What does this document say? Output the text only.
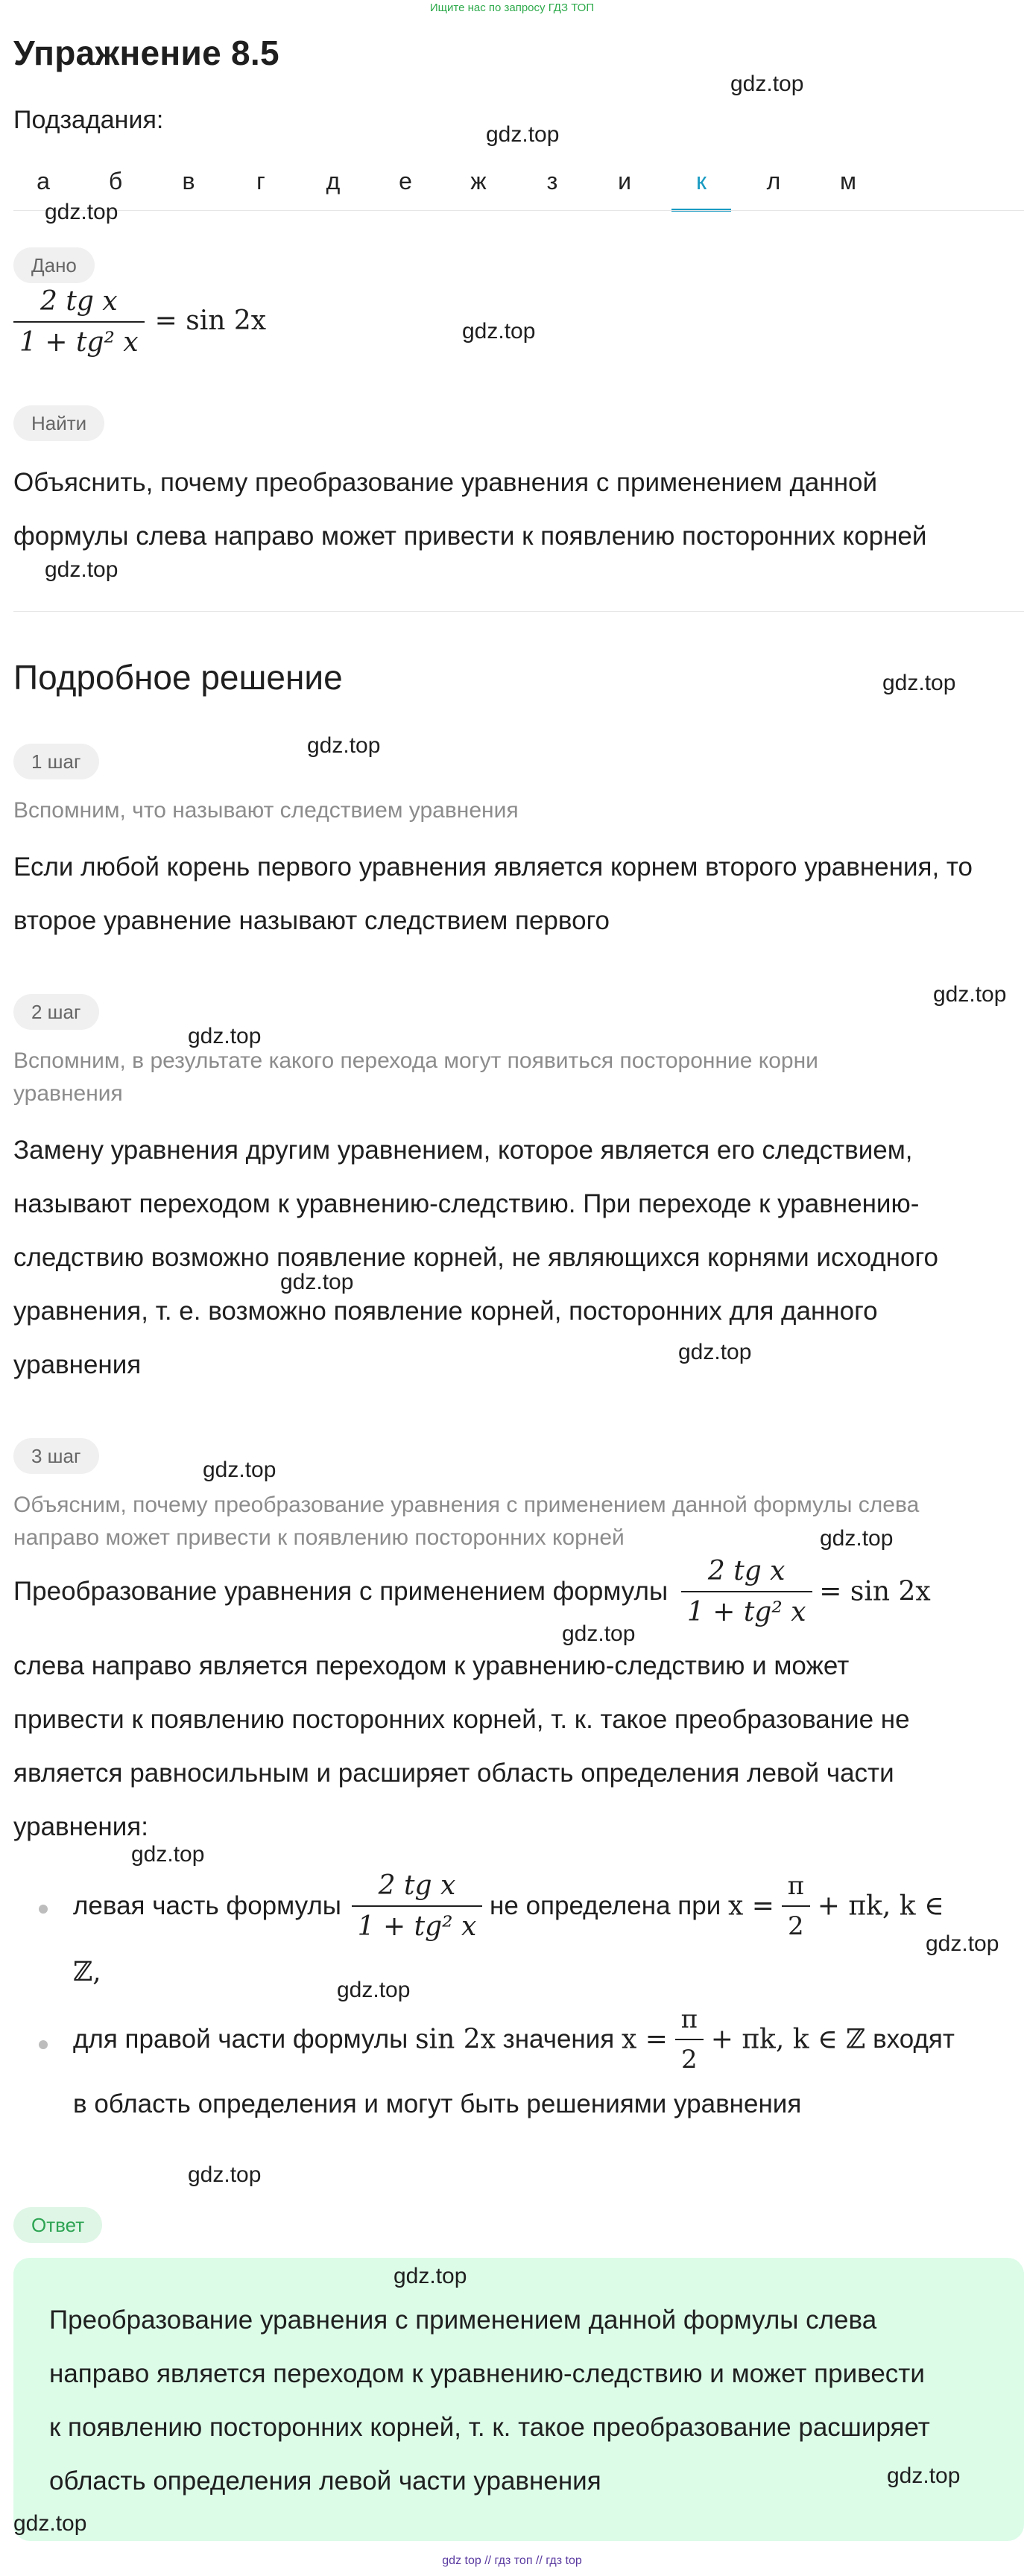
Ищите нас по запросу ГДЗ ТОП
Упражнение 8.5
Подзадания:
а	б	в	г	д	е	ж	з	и	к	л	м
Дано
$\frac{\text{2 tg x}}{\text{1 + tg² x}} = \sin 2x$
Найти
Объяснить, почему преобразование уравнения с применением данной
формулы слева направо может привести к появлению посторонних корней
Подробное решение
1 шаг
Вспомним, что называют следствием уравнения
Если любой корень первого уравнения является корнем второго уравнения, то
второе уравнение называют следствием первого
2 шаг
Вспомним, в результате какого перехода могут появиться посторонние корни
уравнения
Замену уравнения другим уравнением, которое является его следствием,
называют переходом к уравнению-следствию. При переходе к уравнению-
следствию возможно появление корней, не являющихся корнями исходного
уравнения, т. е. возможно появление корней, посторонних для данного
уравнения
3 шаг
Объясним, почему преобразование уравнения с применением данной формулы слева
направо может привести к появлению посторонних корней
Преобразование уравнения с применением формулы $\frac{\text{2 tg x}}{\text{1 + tg² x}} = \sin 2x$
слева направо является переходом к уравнению-следствию и может
привести к появлению посторонних корней, т. к. такое преобразование не
является равносильным и расширяет область определения левой части
уравнения:
левая часть формулы $\frac{\text{2 tg x}}{\text{1 + tg² x}}$ не определена при $x = \frac{\pi}{2} + \pi k$, k ∈
ℤ,
для правой части формулы sin 2x значения $x = \frac{\pi}{2} + \pi k$, k ∈ ℤ входят
в область определения и могут быть решениями уравнения
Ответ
Преобразование уравнения с применением данной формулы слева
направо является переходом к уравнению-следствию и может привести
к появлению посторонних корней, т. к. такое преобразование расширяет
область определения левой части уравнения
gdz.top
gdz.top
gdz.top
gdz.top
gdz.top
gdz.top
gdz.top
gdz.top
gdz.top
gdz.top
gdz.top
gdz.top
gdz.top
gdz.top
gdz.top
gdz.top
gdz.top
gdz.top
gdz.top
gdz.top
gdz.top
gdz top // гдз топ // гдз top
